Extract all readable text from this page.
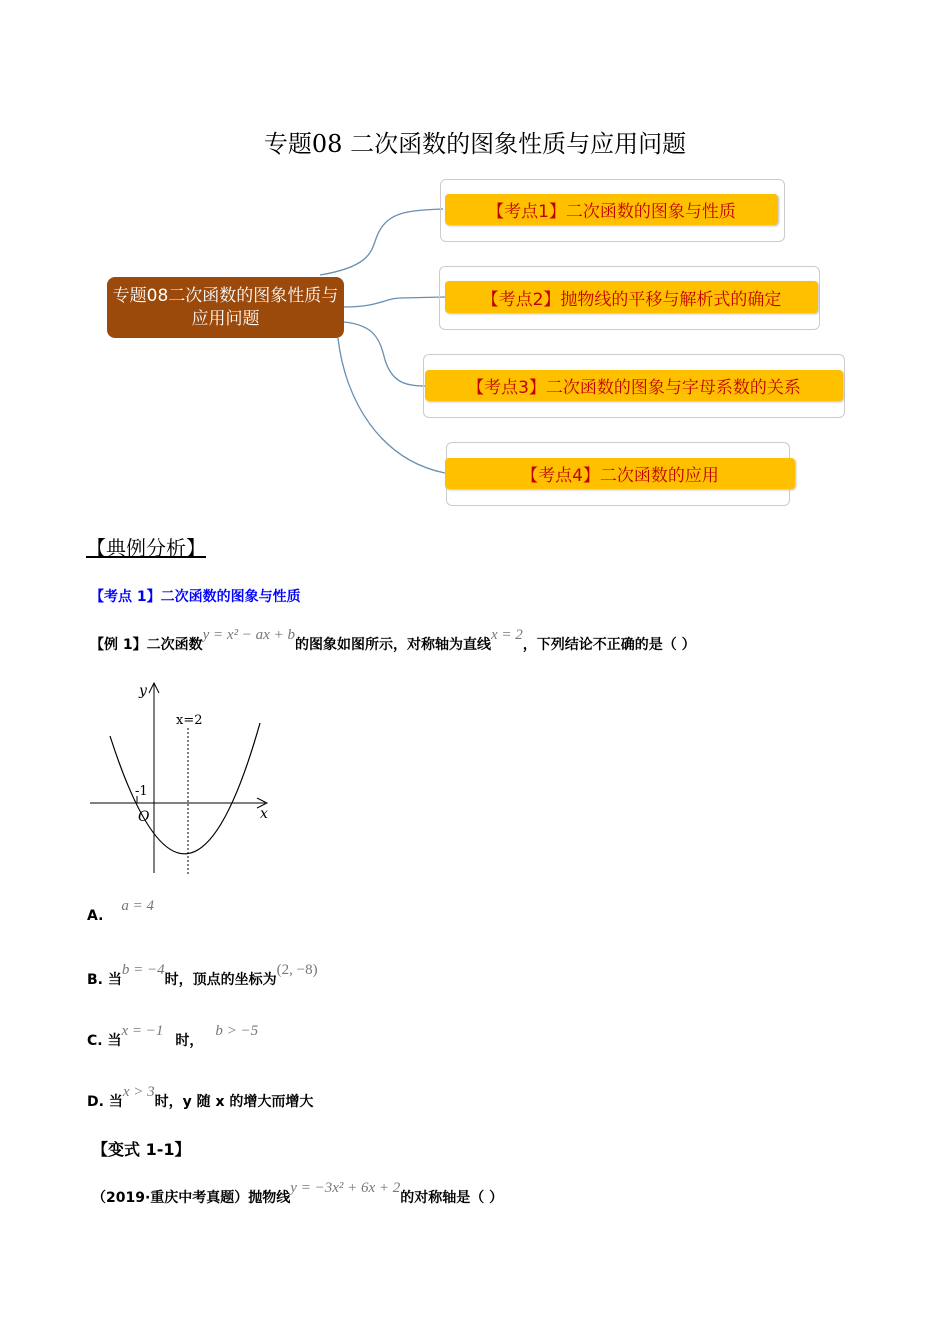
专题08 二次函数的图象性质与应用问题
专题08二次函数的图象性质与应用问题
【考点1】二次函数的图象与性质
【考点2】抛物线的平移与解析式的确定
【考点3】二次函数的图象与字母系数的关系
【考点4】二次函数的应用
【典例分析】
【考点 1】二次函数的图象与性质
【例 1】二次函数y = x² − ax + b的图象如图所示，对称轴为直线x = 2，下列结论不正确的是（ ）
y
x
O
-1
x=2
A.a = 4
B. 当b = −4时，顶点的坐标为(2, −8)
C. 当x = −1时，b > −5
D. 当x > 3时，y 随 x 的增大而增大
【变式 1-1】
（2019·重庆中考真题）抛物线y = −3x² + 6x + 2的对称轴是（ ）
